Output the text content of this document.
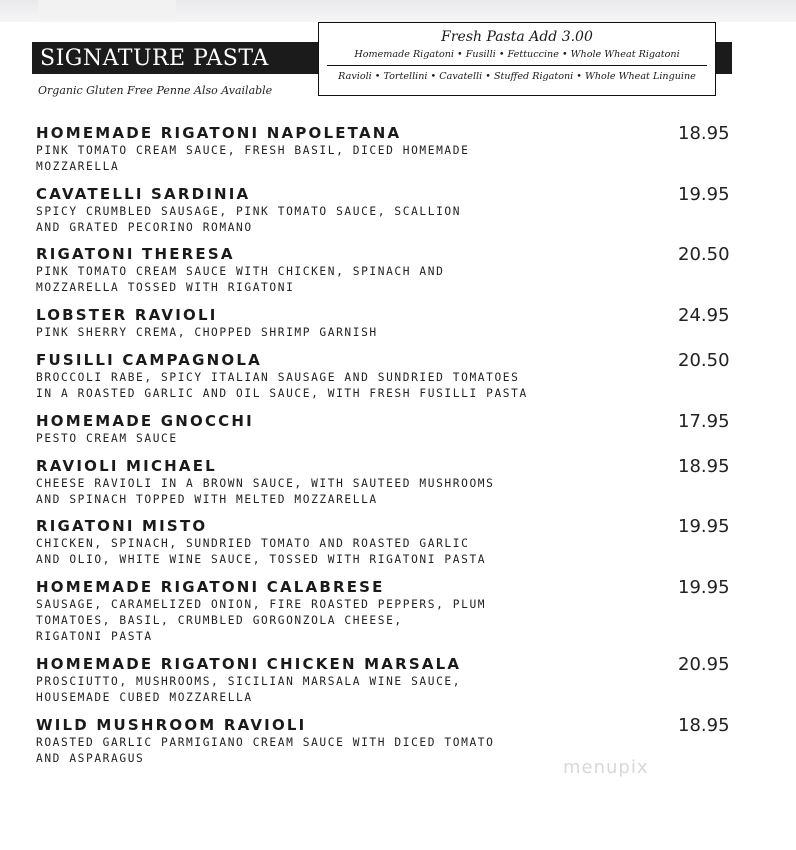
SIGNATURE PASTA
Organic Gluten Free Penne Also Available
Fresh Pasta Add 3.00
Homemade Rigatoni • Fusilli • Fettuccine • Whole Wheat Rigatoni
Ravioli • Tortellini • Cavatelli • Stuffed Rigatoni • Whole Wheat Linguine
HOMEMADE RIGATONI NAPOLETANA
PINK TOMATO CREAM SAUCE, FRESH BASIL, DICED HOMEMADE
MOZZARELLA
18.95
CAVATELLI SARDINIA
SPICY CRUMBLED SAUSAGE, PINK TOMATO SAUCE, SCALLION
AND GRATED PECORINO ROMANO
19.95
RIGATONI THERESA
PINK TOMATO CREAM SAUCE WITH CHICKEN, SPINACH AND
MOZZARELLA TOSSED WITH RIGATONI
20.50
LOBSTER RAVIOLI
PINK SHERRY CREMA, CHOPPED SHRIMP GARNISH
24.95
FUSILLI CAMPAGNOLA
BROCCOLI RABE, SPICY ITALIAN SAUSAGE AND SUNDRIED TOMATOES
IN A ROASTED GARLIC AND OIL SAUCE, WITH FRESH FUSILLI PASTA
20.50
HOMEMADE GNOCCHI
PESTO CREAM SAUCE
17.95
RAVIOLI MICHAEL
CHEESE RAVIOLI IN A BROWN SAUCE, WITH SAUTEED MUSHROOMS
AND SPINACH TOPPED WITH MELTED MOZZARELLA
18.95
RIGATONI MISTO
CHICKEN, SPINACH, SUNDRIED TOMATO AND ROASTED GARLIC
AND OLIO, WHITE WINE SAUCE, TOSSED WITH RIGATONI PASTA
19.95
HOMEMADE RIGATONI CALABRESE
SAUSAGE, CARAMELIZED ONION, FIRE ROASTED PEPPERS, PLUM
TOMATOES, BASIL, CRUMBLED GORGONZOLA CHEESE,
RIGATONI PASTA
19.95
HOMEMADE RIGATONI CHICKEN MARSALA
PROSCIUTTO, MUSHROOMS, SICILIAN MARSALA WINE SAUCE,
HOUSEMADE CUBED MOZZARELLA
20.95
WILD MUSHROOM RAVIOLI
ROASTED GARLIC PARMIGIANO CREAM SAUCE WITH DICED TOMATO
AND ASPARAGUS
18.95
menupix
